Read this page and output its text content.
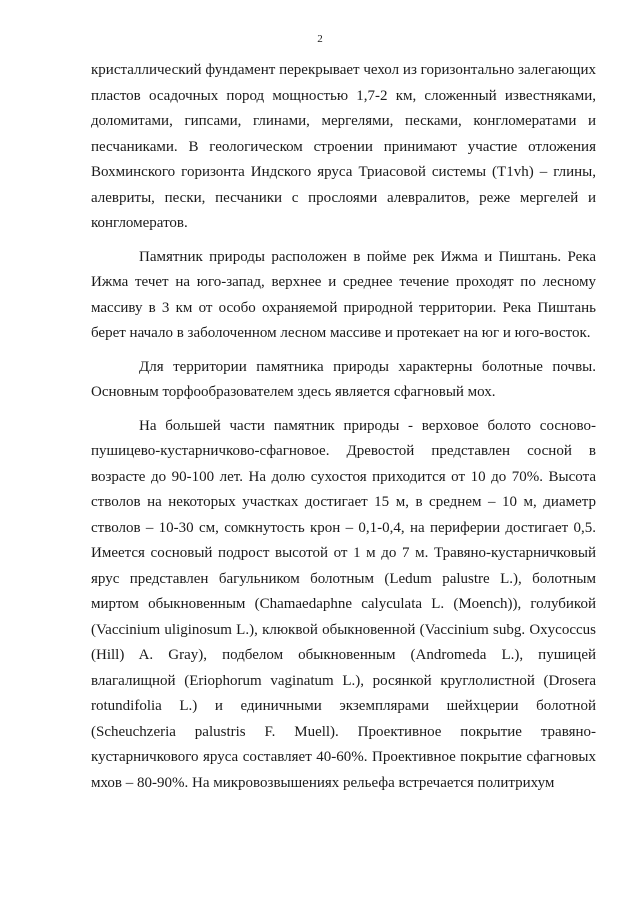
2

кристаллический фундамент перекрывает чехол из горизонтально залегающих пластов осадочных пород мощностью 1,7-2 км, сложенный известняками, доломитами, гипсами, глинами, мергелями, песками, конгломератами и песчаниками. В геологическом строении принимают участие отложения Вохминского горизонта Индского яруса Триасовой системы (T1vh) – глины, алевриты, пески, песчаники с прослоями алевралитов, реже мергелей и конгломератов.

Памятник природы расположен в пойме рек Ижма и Пиштань. Река Ижма течет на юго-запад, верхнее и среднее течение проходят по лесному массиву в 3 км от особо охраняемой природной территории. Река Пиштань берет начало в заболоченном лесном массиве и протекает на юг и юго-восток.

Для территории памятника природы характерны болотные почвы. Основным торфообразователем здесь является сфагновый мох.

На большей части памятник природы - верховое болото сосново-пушицево-кустарничково-сфагновое. Древостой представлен сосной в возрасте до 90-100 лет. На долю сухостоя приходится от 10 до 70%. Высота стволов на некоторых участках достигает 15 м, в среднем – 10 м, диаметр стволов – 10-30 см, сомкнутость крон – 0,1-0,4, на периферии достигает 0,5. Имеется сосновый подрост высотой от 1 м до 7 м. Травяно-кустарничковый ярус представлен багульником болотным (Ledum palustre L.), болотным миртом обыкновенным (Chamaedaphne calyculata L. (Moench)), голубикой (Vaccinium uliginosum L.), клюквой обыкновенной (Vaccinium subg. Oxycoccus (Hill) A. Gray), подбелом обыкновенным (Andromeda L.), пушицей влагалищной (Eriophorum vaginatum L.), росянкой круглолистной (Drosera rotundifolia L.) и единичными экземплярами шейхцерии болотной (Scheuchzeria palustris F. Muell). Проективное покрытие травяно-кустарничкового яруса составляет 40-60%. Проективное покрытие сфагновых мхов – 80-90%. На микровозвышениях рельефа встречается политрихум
